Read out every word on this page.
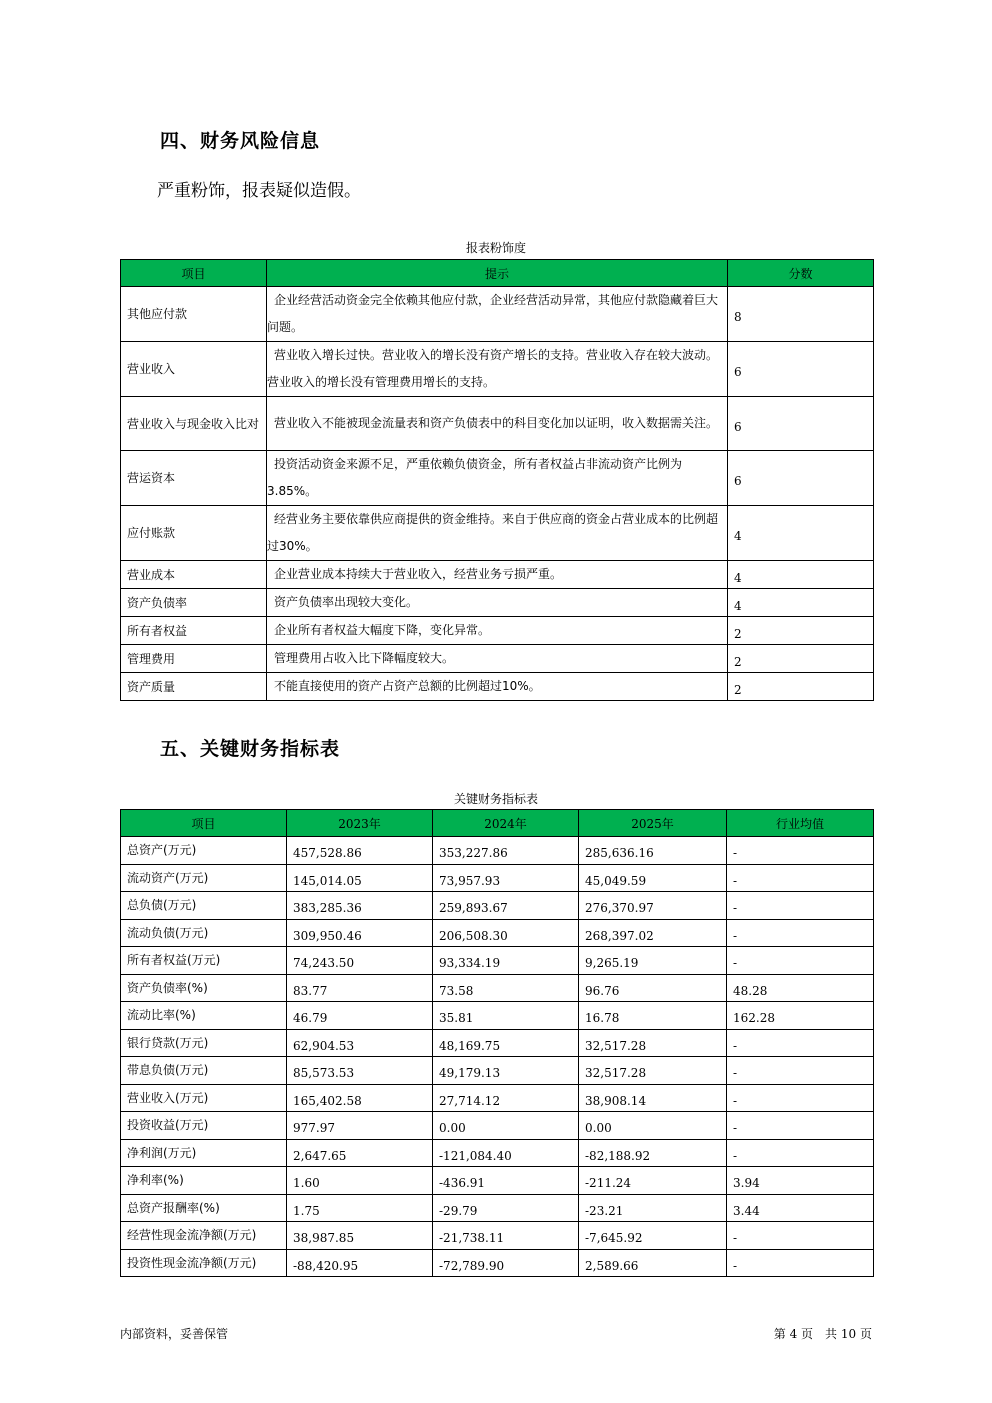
四、财务风险信息
严重粉饰，报表疑似造假。
报表粉饰度
项目	提示	分数
其他应付款	企业经营活动资金完全依赖其他应付款，企业经营活动异常，其他应付款隐藏着巨大问题。	8
营业收入	营业收入增长过快。营业收入的增长没有资产增长的支持。营业收入存在较大波动。营业收入的增长没有管理费用增长的支持。	6
营业收入与现金收入比对	营业收入不能被现金流量表和资产负债表中的科目变化加以证明，收入数据需关注。	6
营运资本	投资活动资金来源不足，严重依赖负债资金，所有者权益占非流动资产比例为3.85%。	6
应付账款	经营业务主要依靠供应商提供的资金维持。来自于供应商的资金占营业成本的比例超过30%。	4
营业成本	企业营业成本持续大于营业收入，经营业务亏损严重。	4
资产负债率	资产负债率出现较大变化。	4
所有者权益	企业所有者权益大幅度下降，变化异常。	2
管理费用	管理费用占收入比下降幅度较大。	2
资产质量	不能直接使用的资产占资产总额的比例超过10%。	2
五、关键财务指标表
关键财务指标表
项目	2023年	2024年	2025年	行业均值
总资产(万元)	457,528.86	353,227.86	285,636.16	-
流动资产(万元)	145,014.05	73,957.93	45,049.59	-
总负债(万元)	383,285.36	259,893.67	276,370.97	-
流动负债(万元)	309,950.46	206,508.30	268,397.02	-
所有者权益(万元)	74,243.50	93,334.19	9,265.19	-
资产负债率(%)	83.77	73.58	96.76	48.28
流动比率(%)	46.79	35.81	16.78	162.28
银行贷款(万元)	62,904.53	48,169.75	32,517.28	-
带息负债(万元)	85,573.53	49,179.13	32,517.28	-
营业收入(万元)	165,402.58	27,714.12	38,908.14	-
投资收益(万元)	977.97	0.00	0.00	-
净利润(万元)	2,647.65	-121,084.40	-82,188.92	-
净利率(%)	1.60	-436.91	-211.24	3.94
总资产报酬率(%)	1.75	-29.79	-23.21	3.44
经营性现金流净额(万元)	38,987.85	-21,738.11	-7,645.92	-
投资性现金流净额(万元)	-88,420.95	-72,789.90	2,589.66	-
内部资料，妥善保管	第 4 页　共 10 页
